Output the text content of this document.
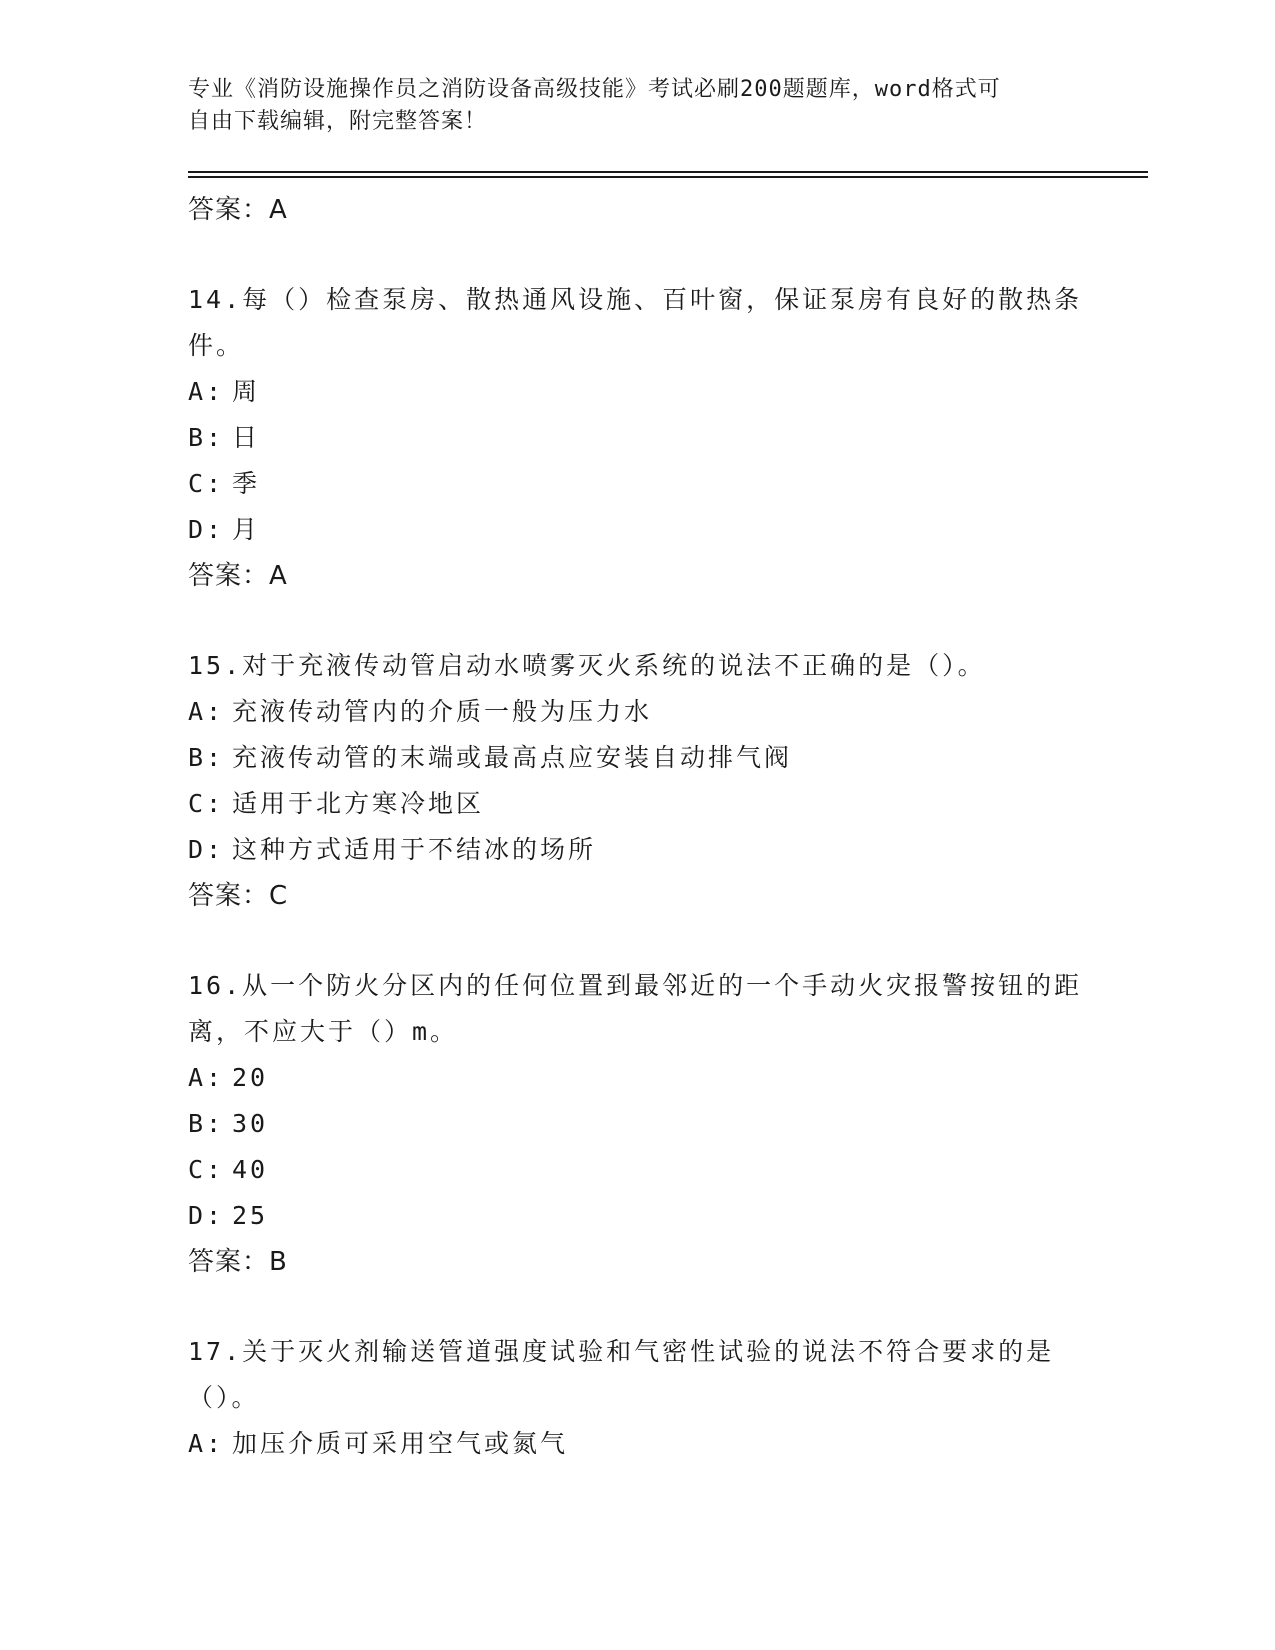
专业《消防设施操作员之消防设备高级技能》考试必刷200题题库，word格式可
自由下载编辑，附完整答案！

答案：A

14.每（）检查泵房、散热通风设施、百叶窗，保证泵房有良好的散热条件。

A: 周

B: 日

C: 季

D: 月

答案：A

15.对于充液传动管启动水喷雾灭火系统的说法不正确的是（）。

A: 充液传动管内的介质一般为压力水

B: 充液传动管的末端或最高点应安装自动排气阀

C: 适用于北方寒冷地区

D: 这种方式适用于不结冰的场所

答案：C

16.从一个防火分区内的任何位置到最邻近的一个手动火灾报警按钮的距离，不应大于（）m。

A: 20

B: 30

C: 40

D: 25

答案：B

17.关于灭火剂输送管道强度试验和气密性试验的说法不符合要求的是（）。

A: 加压介质可采用空气或氮气
